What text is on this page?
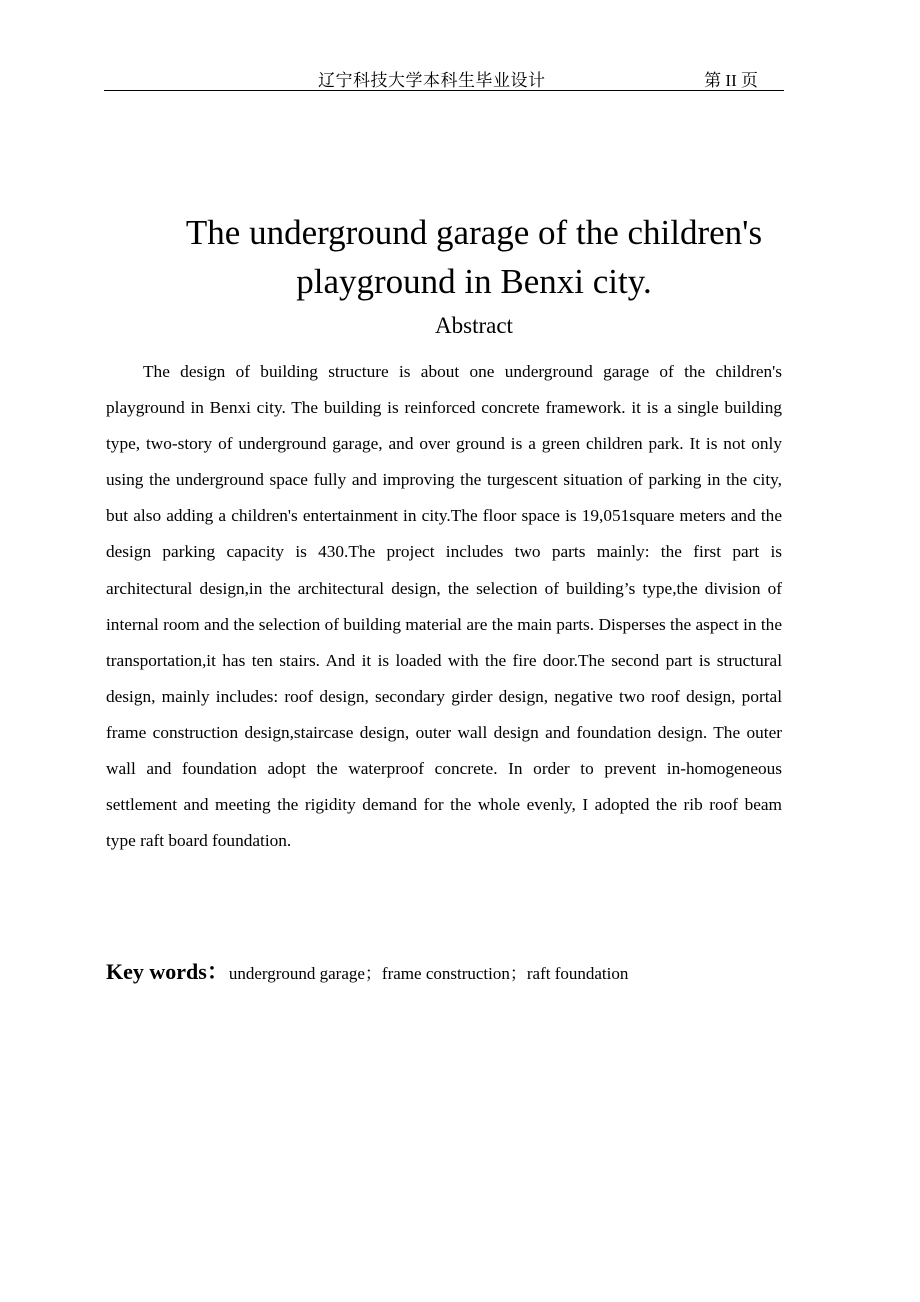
辽宁科技大学本科生毕业设计	第 II 页
The underground garage of the children's
playground in Benxi city.
Abstract

The design of building structure is about one underground garage of the children's playground in Benxi city. The building is reinforced concrete framework. it is a single building type, two-story of underground garage, and over ground is a green children park. It is not only using the underground space fully and improving the turgescent situation of parking in the city, but also adding a children's entertainment in city.The floor space is 19,051square meters and the design parking capacity is 430.The project includes two parts mainly: the first part is architectural design,in the architectural design, the selection of building’s type,the division of internal room and the selection of building material are the main parts. Disperses the aspect in the transportation,it has ten stairs. And it is loaded with the fire door.The second part is structural design, mainly includes: roof design, secondary girder design, negative two roof design, portal frame construction design,staircase design, outer wall design and foundation design. The outer wall and foundation adopt the waterproof concrete. In order to prevent in-homogeneous settlement and meeting the rigidity demand for the whole evenly, I adopted the rib roof beam type raft board foundation.

Key words：underground garage；frame construction；raft foundation
